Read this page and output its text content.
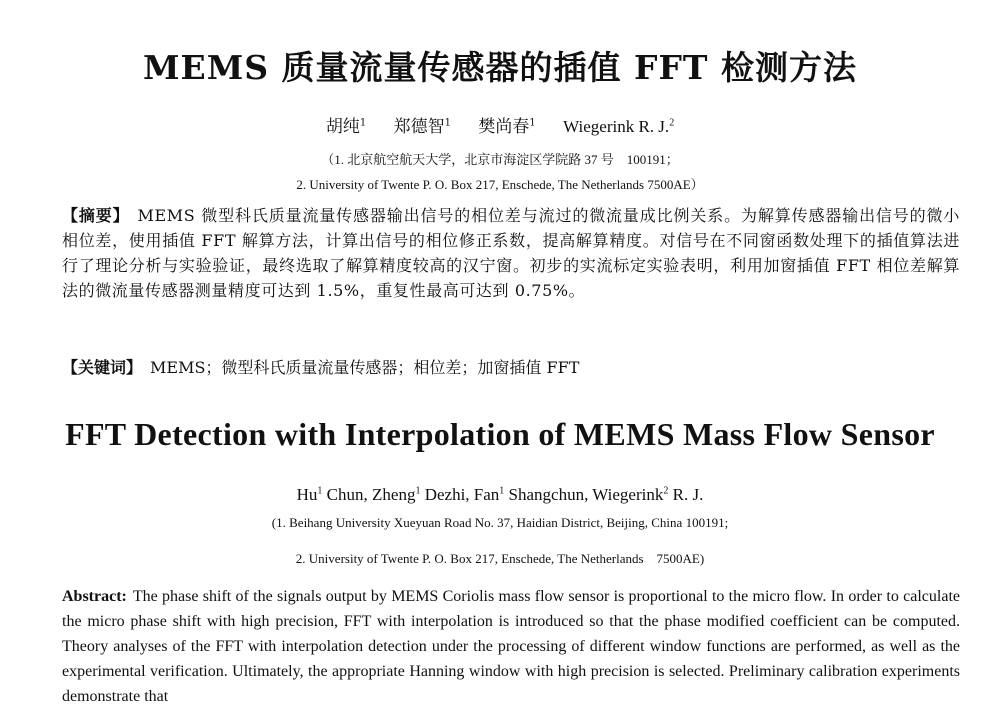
MEMS 质量流量传感器的插值 FFT 检测方法
胡纯$^1$ 郑德智$^1$ 樊尚春$^1$ Wiegerink R. J.$^2$
（1. 北京航空航天大学，北京市海淀区学院路 37 号　100191；
2. University of Twente P. O. Box 217, Enschede, The Netherlands 7500AE）
【摘要】 MEMS 微型科氏质量流量传感器输出信号的相位差与流过的微流量成比例关系。为解算传感器输出信号的微小相位差，使用插值 FFT 解算方法，计算出信号的相位修正系数，提高解算精度。对信号在不同窗函数处理下的插值算法进行了理论分析与实验验证，最终选取了解算精度较高的汉宁窗。初步的实流标定实验表明，利用加窗插值 FFT 相位差解算法的微流量传感器测量精度可达到 1.5%，重复性最高可达到 0.75%。
【关键词】 MEMS；微型科氏质量流量传感器；相位差；加窗插值 FFT
FFT Detection with Interpolation of MEMS Mass Flow Sensor
Hu$^1$ Chun, Zheng$^1$ Dezhi, Fan$^1$ Shangchun, Wiegerink$^2$ R. J.
(1. Beihang University Xueyuan Road No. 37, Haidian District, Beijing, China 100191;
2. University of Twente P. O. Box 217, Enschede, The Netherlands　7500AE)
Abstract: The phase shift of the signals output by MEMS Coriolis mass flow sensor is proportional to the micro flow. In order to calculate the micro phase shift with high precision, FFT with interpolation is introduced so that the phase modified coefficient can be computed. Theory analyses of the FFT with interpolation detection under the processing of different window functions are performed, as well as the experimental verification. Ultimately, the appropriate Hanning window with high precision is selected. Preliminary calibration experiments demonstrate that
